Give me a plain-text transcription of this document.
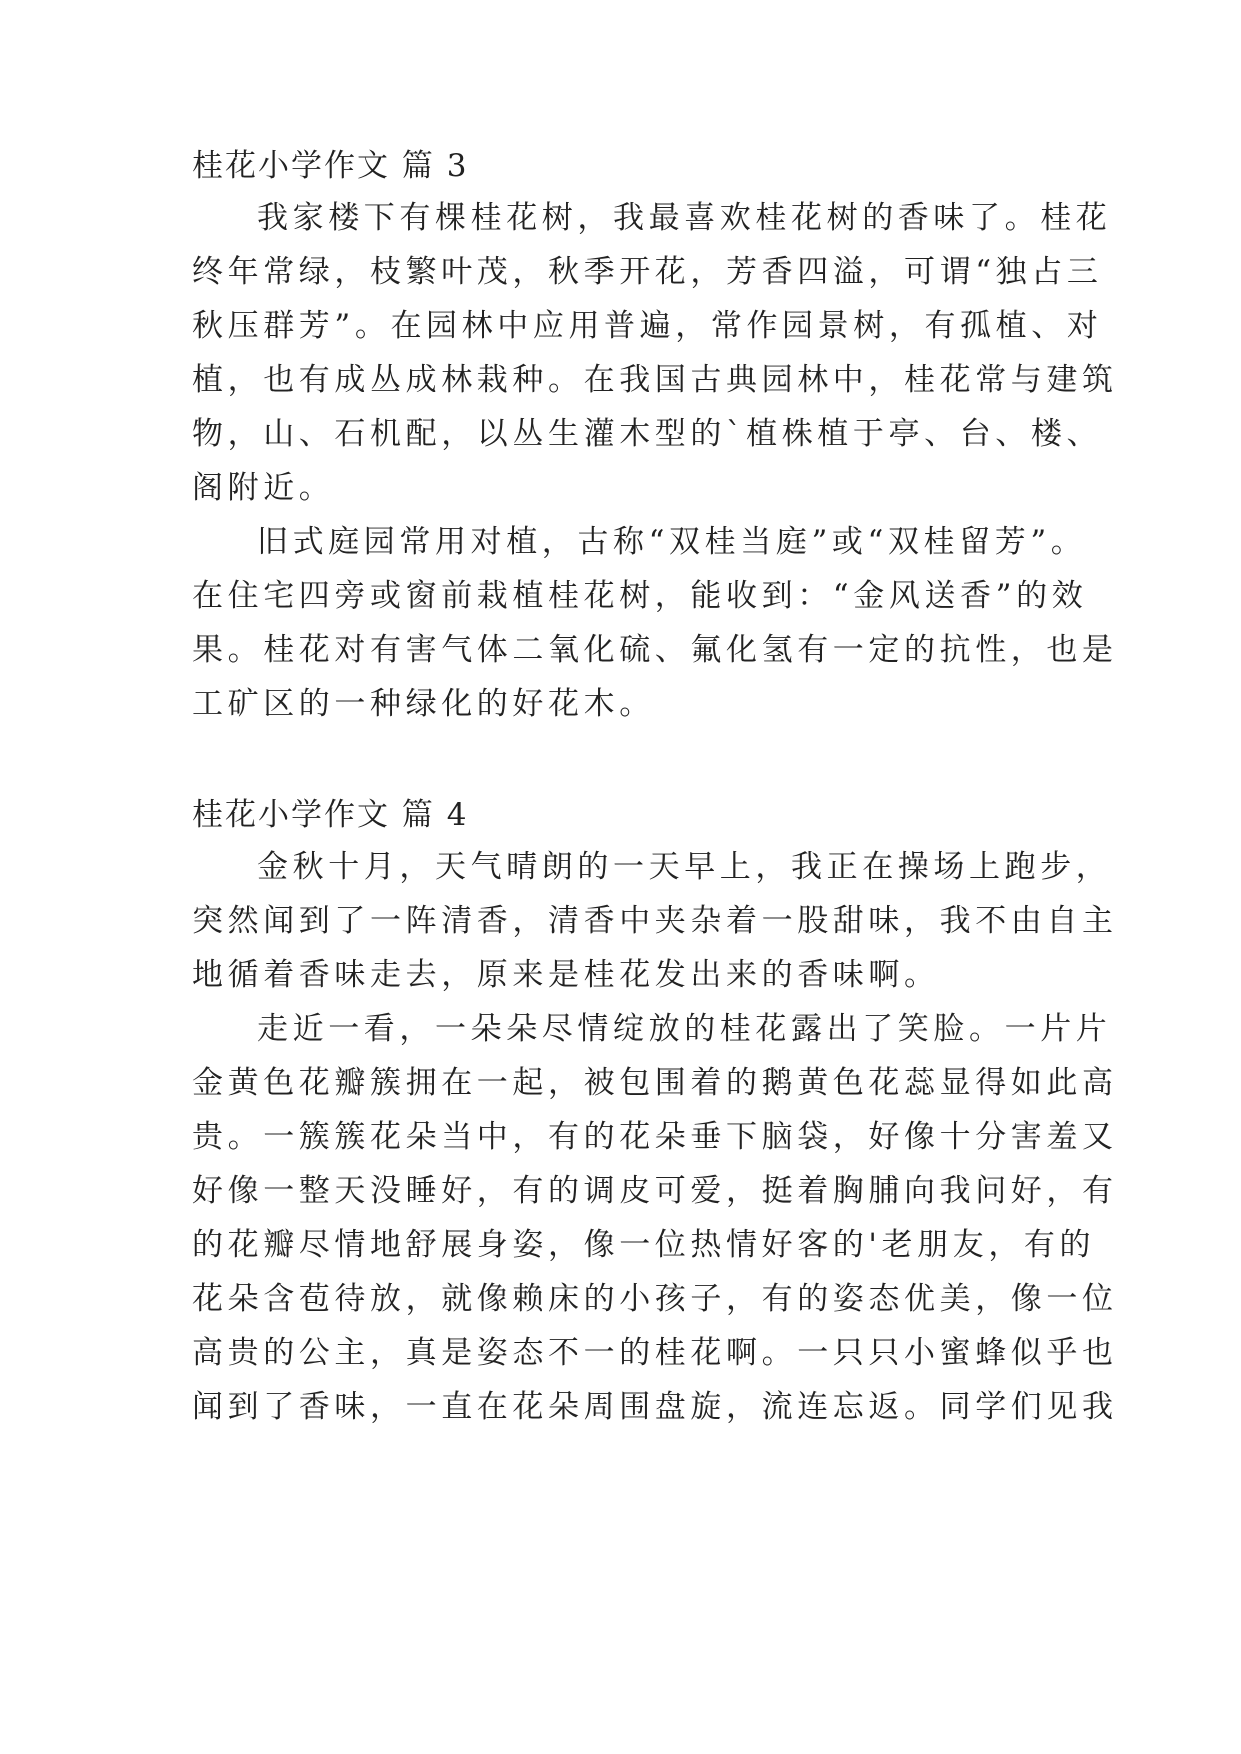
桂花小学作文 篇 3
我家楼下有棵桂花树，我最喜欢桂花树的香味了。桂花
终年常绿，枝繁叶茂，秋季开花，芳香四溢，可谓“独占三
秋压群芳”。在园林中应用普遍，常作园景树，有孤植、对
植，也有成丛成林栽种。在我国古典园林中，桂花常与建筑
物，山、石机配，以丛生灌木型的`植株植于亭、台、楼、
阁附近。
旧式庭园常用对植，古称“双桂当庭”或“双桂留芳”。
在住宅四旁或窗前栽植桂花树，能收到：“金风送香”的效
果。桂花对有害气体二氧化硫、氟化氢有一定的抗性，也是
工矿区的一种绿化的好花木。
桂花小学作文 篇 4
金秋十月，天气晴朗的一天早上，我正在操场上跑步，
突然闻到了一阵清香，清香中夹杂着一股甜味，我不由自主
地循着香味走去，原来是桂花发出来的香味啊。
走近一看，一朵朵尽情绽放的桂花露出了笑脸。一片片
金黄色花瓣簇拥在一起，被包围着的鹅黄色花蕊显得如此高
贵。一簇簇花朵当中，有的花朵垂下脑袋，好像十分害羞又
好像一整天没睡好，有的调皮可爱，挺着胸脯向我问好，有
的花瓣尽情地舒展身姿，像一位热情好客的'老朋友，有的
花朵含苞待放，就像赖床的小孩子，有的姿态优美，像一位
高贵的公主，真是姿态不一的桂花啊。一只只小蜜蜂似乎也
闻到了香味，一直在花朵周围盘旋，流连忘返。同学们见我
